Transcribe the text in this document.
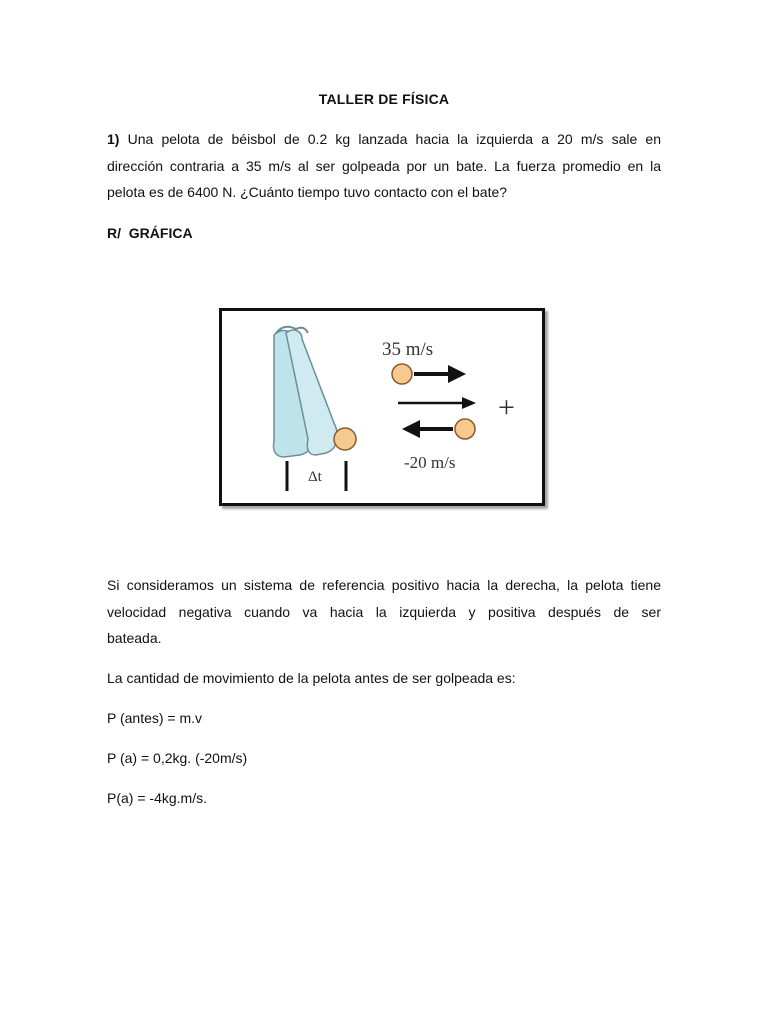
TALLER DE FÍSICA
1) Una pelota de béisbol de 0.2 kg lanzada hacia la izquierda a 20 m/s sale en
dirección contraria a 35 m/s al ser golpeada por un bate. La fuerza promedio en la
pelota es de 6400 N. ¿Cuánto tiempo tuvo contacto con el bate?
R/ GRÁFICA
Δt
35 m/s
+
-20 m/s
Si consideramos un sistema de referencia positivo hacia la derecha, la pelota tiene
velocidad negativa cuando va hacia la izquierda y positiva después de ser
bateada.
La cantidad de movimiento de la pelota antes de ser golpeada es:
P (antes) = m.v
P (a) = 0,2kg. (-20m/s)
P(a) = -4kg.m/s.
